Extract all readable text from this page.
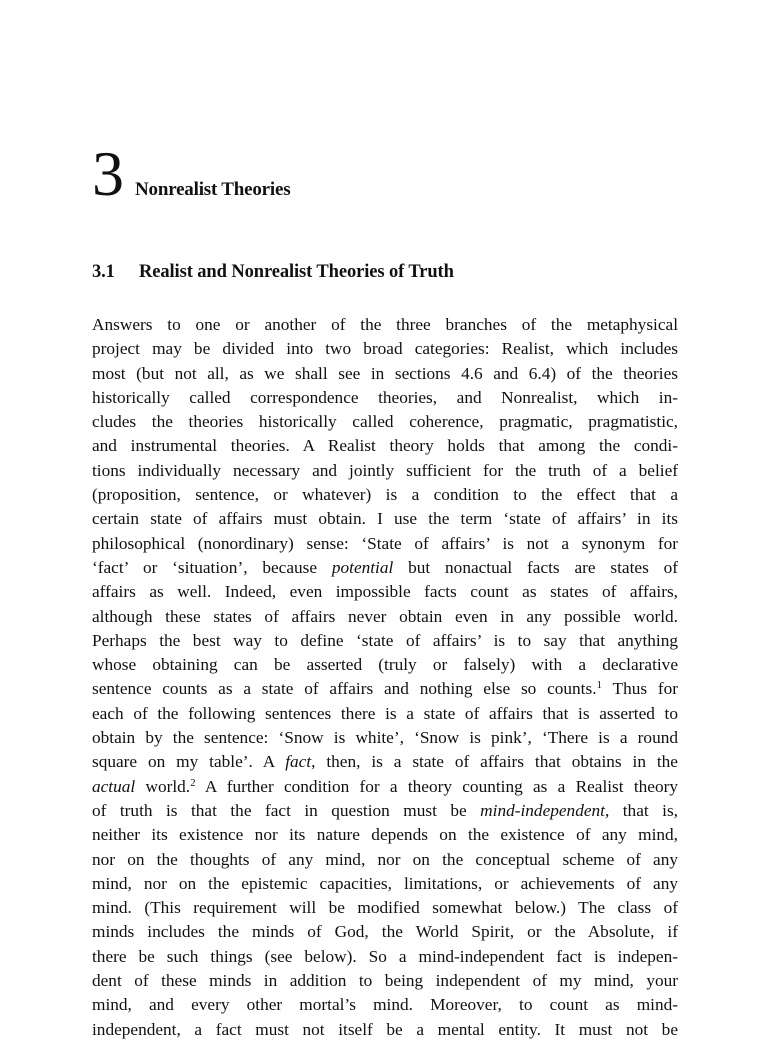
3 Nonrealist Theories
3.1 Realist and Nonrealist Theories of Truth
Answers to one or another of the three branches of the metaphysical
project may be divided into two broad categories: Realist, which includes
most (but not all, as we shall see in sections 4.6 and 6.4) of the theories
historically called correspondence theories, and Nonrealist, which in-
cludes the theories historically called coherence, pragmatic, pragmatistic,
and instrumental theories. A Realist theory holds that among the condi-
tions individually necessary and jointly sufficient for the truth of a belief
(proposition, sentence, or whatever) is a condition to the effect that a
certain state of affairs must obtain. I use the term ‘state of affairs’ in its
philosophical (nonordinary) sense: ‘State of affairs’ is not a synonym for
‘fact’ or ‘situation’, because potential but nonactual facts are states of
affairs as well. Indeed, even impossible facts count as states of affairs,
although these states of affairs never obtain even in any possible world.
Perhaps the best way to define ‘state of affairs’ is to say that anything
whose obtaining can be asserted (truly or falsely) with a declarative
sentence counts as a state of affairs and nothing else so counts.$^1$ Thus for
each of the following sentences there is a state of affairs that is asserted to
obtain by the sentence: ‘Snow is white’, ‘Snow is pink’, ‘There is a round
square on my table’. A fact, then, is a state of affairs that obtains in the
actual world.$^2$ A further condition for a theory counting as a Realist theory
of truth is that the fact in question must be mind-independent, that is,
neither its existence nor its nature depends on the existence of any mind,
nor on the thoughts of any mind, nor on the conceptual scheme of any
mind, nor on the epistemic capacities, limitations, or achievements of any
mind. (This requirement will be modified somewhat below.) The class of
minds includes the minds of God, the World Spirit, or the Absolute, if
there be such things (see below). So a mind-independent fact is indepen-
dent of these minds in addition to being independent of my mind, your
mind, and every other mortal’s mind. Moreover, to count as mind-
independent, a fact must not itself be a mental entity. It must not be
